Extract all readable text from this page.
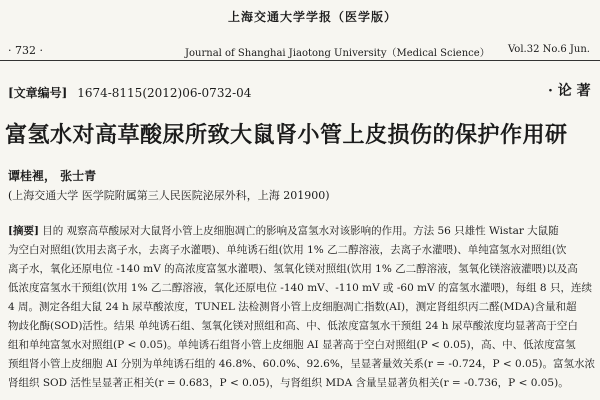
· 732 ·
上海交通大学学报（医学版）
Journal of Shanghai Jiaotong University（Medical Science） Vol.32 No.6 Jun.
[文章编号] 1674-8115(2012)06-0732-04	· 论 著
富氢水对高草酸尿所致大鼠肾小管上皮损伤的保护作用研
谭桂裡， 张士青
(上海交通大学 医学院附属第三人民医院泌尿外科，上海 201900)
[摘要] 目的 观察高草酸尿对大鼠肾小管上皮细胞凋亡的影响及富氢水对该影响的作用。方法 56 只雄性 Wistar 大鼠随
为空白对照组(饮用去离子水，去离子水灌喂)、单纯诱石组(饮用 1% 乙二醇溶液，去离子水灌喂)、单纯富氢水对照组(饮
离子水，氧化还原电位 -140 mV 的高浓度富氢水灌喂)、氢氧化镁对照组(饮用 1% 乙二醇溶液，氢氧化镁溶液灌喂)以及高
低浓度富氢水干预组(饮用 1% 乙二醇溶液，氧化还原电位 -140 mV、-110 mV 或 -60 mV 的富氢水灌喂)，每组 8 只，连续
4 周。测定各组大鼠 24 h 尿草酸浓度，TUNEL 法检测肾小管上皮细胞凋亡指数(AI)，测定肾组织丙二醛(MDA)含量和超
物歧化酶(SOD)活性。结果 单纯诱石组、氢氧化镁对照组和高、中、低浓度富氢水干预组 24 h 尿草酸浓度均显著高于空白
组和单纯富氢水对照组(P < 0.05)。单纯诱石组肾小管上皮细胞 AI 显著高于空白对照组(P < 0.05)，高、中、低浓度富氢
预组肾小管上皮细胞 AI 分别为单纯诱石组的 46.8%、60.0%、92.6%，呈显著量效关系(r = -0.724，P < 0.05)。富氢水浓
肾组织 SOD 活性呈显著正相关(r = 0.683，P < 0.05)，与肾组织 MDA 含量呈显著负相关(r = -0.736，P < 0.05)。
